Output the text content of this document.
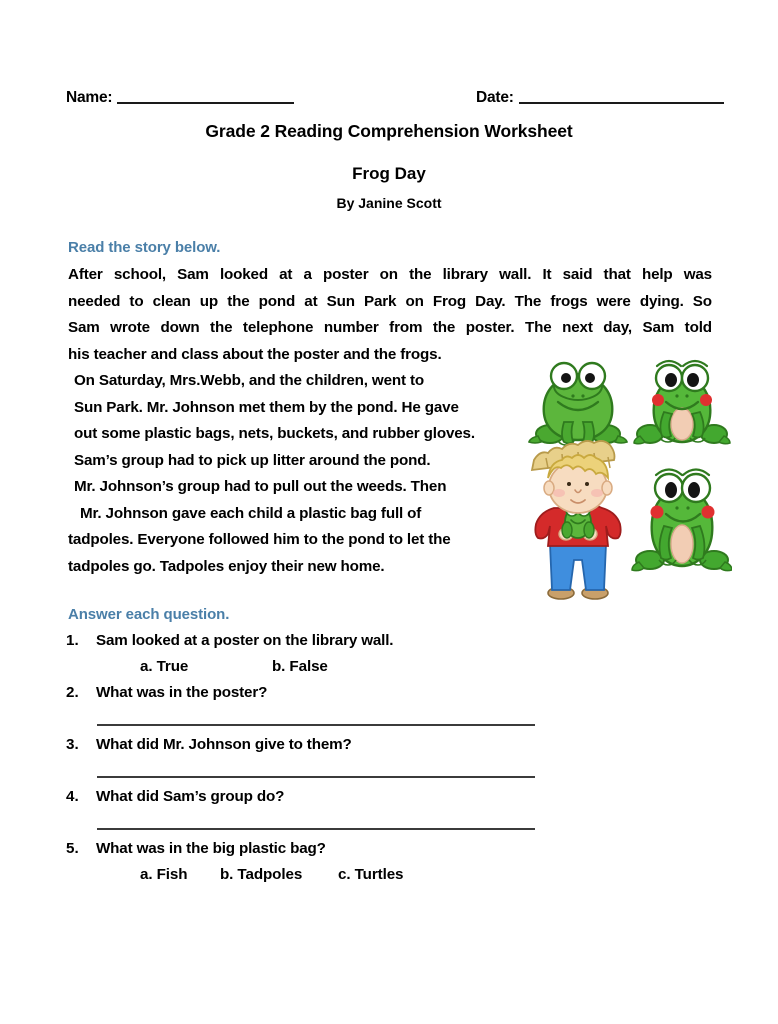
Name:	Date:
Grade 2 Reading Comprehension Worksheet
Frog Day
By Janine Scott
Read the story below.
After school, Sam looked at a poster on the library wall. It said that help was
needed to clean up the pond at Sun Park on Frog Day. The frogs were dying. So
Sam wrote down the telephone number from the poster. The next day, Sam told
his teacher and class about the poster and the frogs.
On Saturday, Mrs.Webb, and the children, went to
Sun Park. Mr. Johnson met them by the pond. He gave
out some plastic bags, nets, buckets, and rubber gloves.
Sam’s group had to pick up litter around the pond.
Mr. Johnson’s group had to pull out the weeds. Then
Mr. Johnson gave each child a plastic bag full of
tadpoles. Everyone followed him to the pond to let the
tadpoles go. Tadpoles enjoy their new home.
Answer each question.
1.	Sam looked at a poster on the library wall.
a. True	b. False
2.	What was in the poster?
3.	What did Mr. Johnson give to them?
4.	What did Sam’s group do?
5.	What was in the big plastic bag?
a. Fish b. Tadpoles c. Turtles
